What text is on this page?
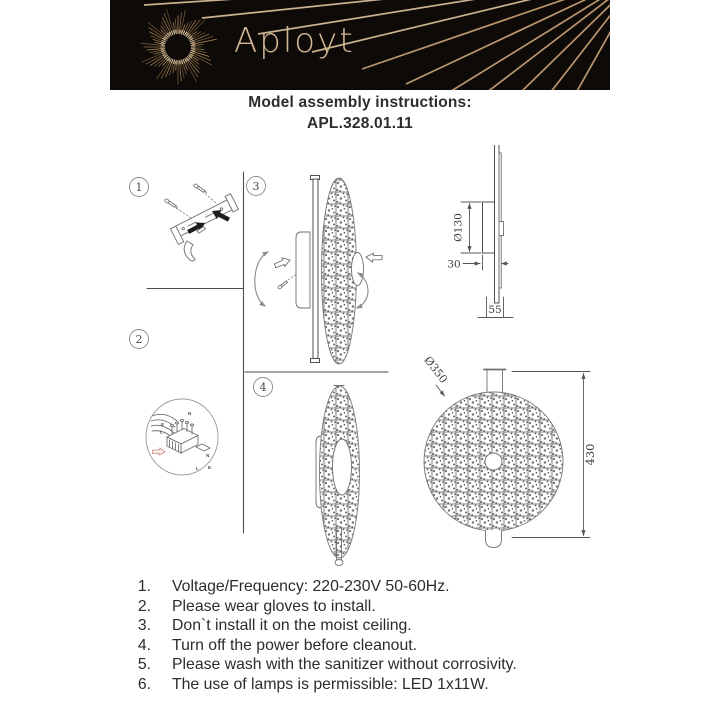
Aployt
Model assembly instructions:
APL.328.01.11
1
2
3
4
N
E
L
N
L E
Ø130
30
55
Ø350
430
1. Voltage/Frequency: 220-230V 50-60Hz.
2. Please wear gloves to install.
3. Don`t install it on the moist ceiling.
4. Turn off the power before cleanout.
5. Please wash with the sanitizer without corrosivity.
6. The use of lamps is permissible: LED 1x11W.
